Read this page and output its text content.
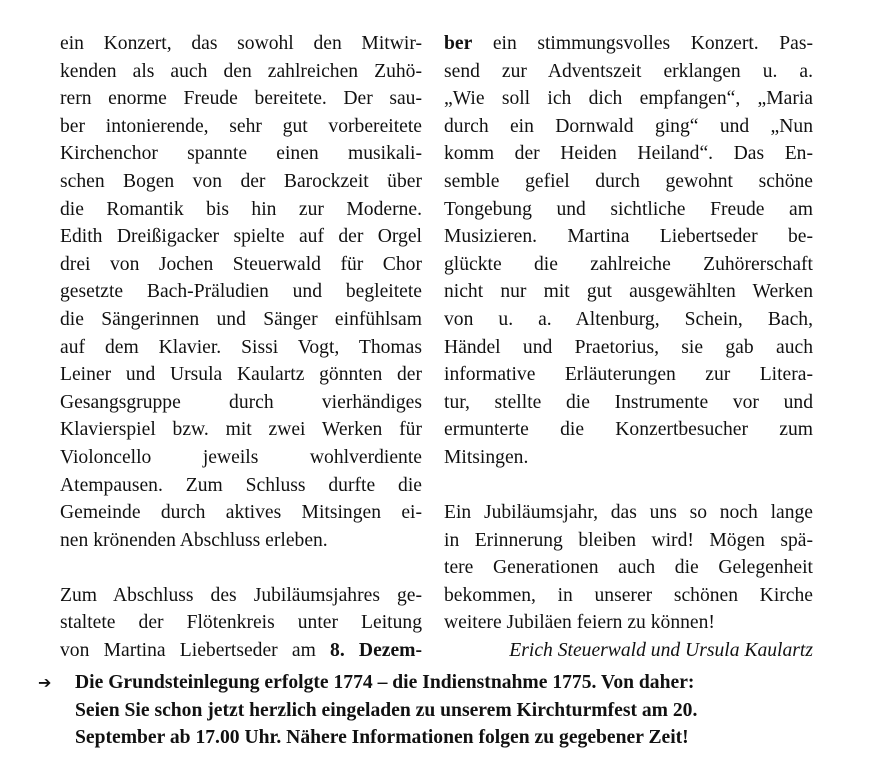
ein Konzert, das sowohl den Mitwir-
kenden als auch den zahlreichen Zuhö-
rern enorme Freude bereitete. Der sau-
ber intonierende, sehr gut vorbereitete
Kirchenchor spannte einen musikali-
schen Bogen von der Barockzeit über
die Romantik bis hin zur Moderne.
Edith Dreißigacker spielte auf der Orgel
drei von Jochen Steuerwald für Chor
gesetzte Bach-Präludien und begleitete
die Sängerinnen und Sänger einfühlsam
auf dem Klavier. Sissi Vogt, Thomas
Leiner und Ursula Kaulartz gönnten der
Gesangsgruppe durch vierhändiges
Klavierspiel bzw. mit zwei Werken für
Violoncello jeweils wohlverdiente
Atempausen. Zum Schluss durfte die
Gemeinde durch aktives Mitsingen ei-
nen krönenden Abschluss erleben.
Zum Abschluss des Jubiläumsjahres ge-
staltete der Flötenkreis unter Leitung
von Martina Liebertseder am 8. Dezem-
ber ein stimmungsvolles Konzert. Pas-
send zur Adventszeit erklangen u. a.
„Wie soll ich dich empfangen“, „Maria
durch ein Dornwald ging“ und „Nun
komm der Heiden Heiland“. Das En-
semble gefiel durch gewohnt schöne
Tongebung und sichtliche Freude am
Musizieren. Martina Liebertseder be-
glückte die zahlreiche Zuhörerschaft
nicht nur mit gut ausgewählten Werken
von u. a. Altenburg, Schein, Bach,
Händel und Praetorius, sie gab auch
informative Erläuterungen zur Litera-
tur, stellte die Instrumente vor und
ermunterte die Konzertbesucher zum
Mitsingen.
Ein Jubiläumsjahr, das uns so noch lange
in Erinnerung bleiben wird! Mögen spä-
tere Generationen auch die Gelegenheit
bekommen, in unserer schönen Kirche
weitere Jubiläen feiern zu können!
Erich Steuerwald und Ursula Kaulartz
➔	Die Grundsteinlegung erfolgte 1774 – die Indienstnahme 1775. Von daher:
Seien Sie schon jetzt herzlich eingeladen zu unserem Kirchturmfest am 20.
September ab 17.00 Uhr. Nähere Informationen folgen zu gegebener Zeit!
